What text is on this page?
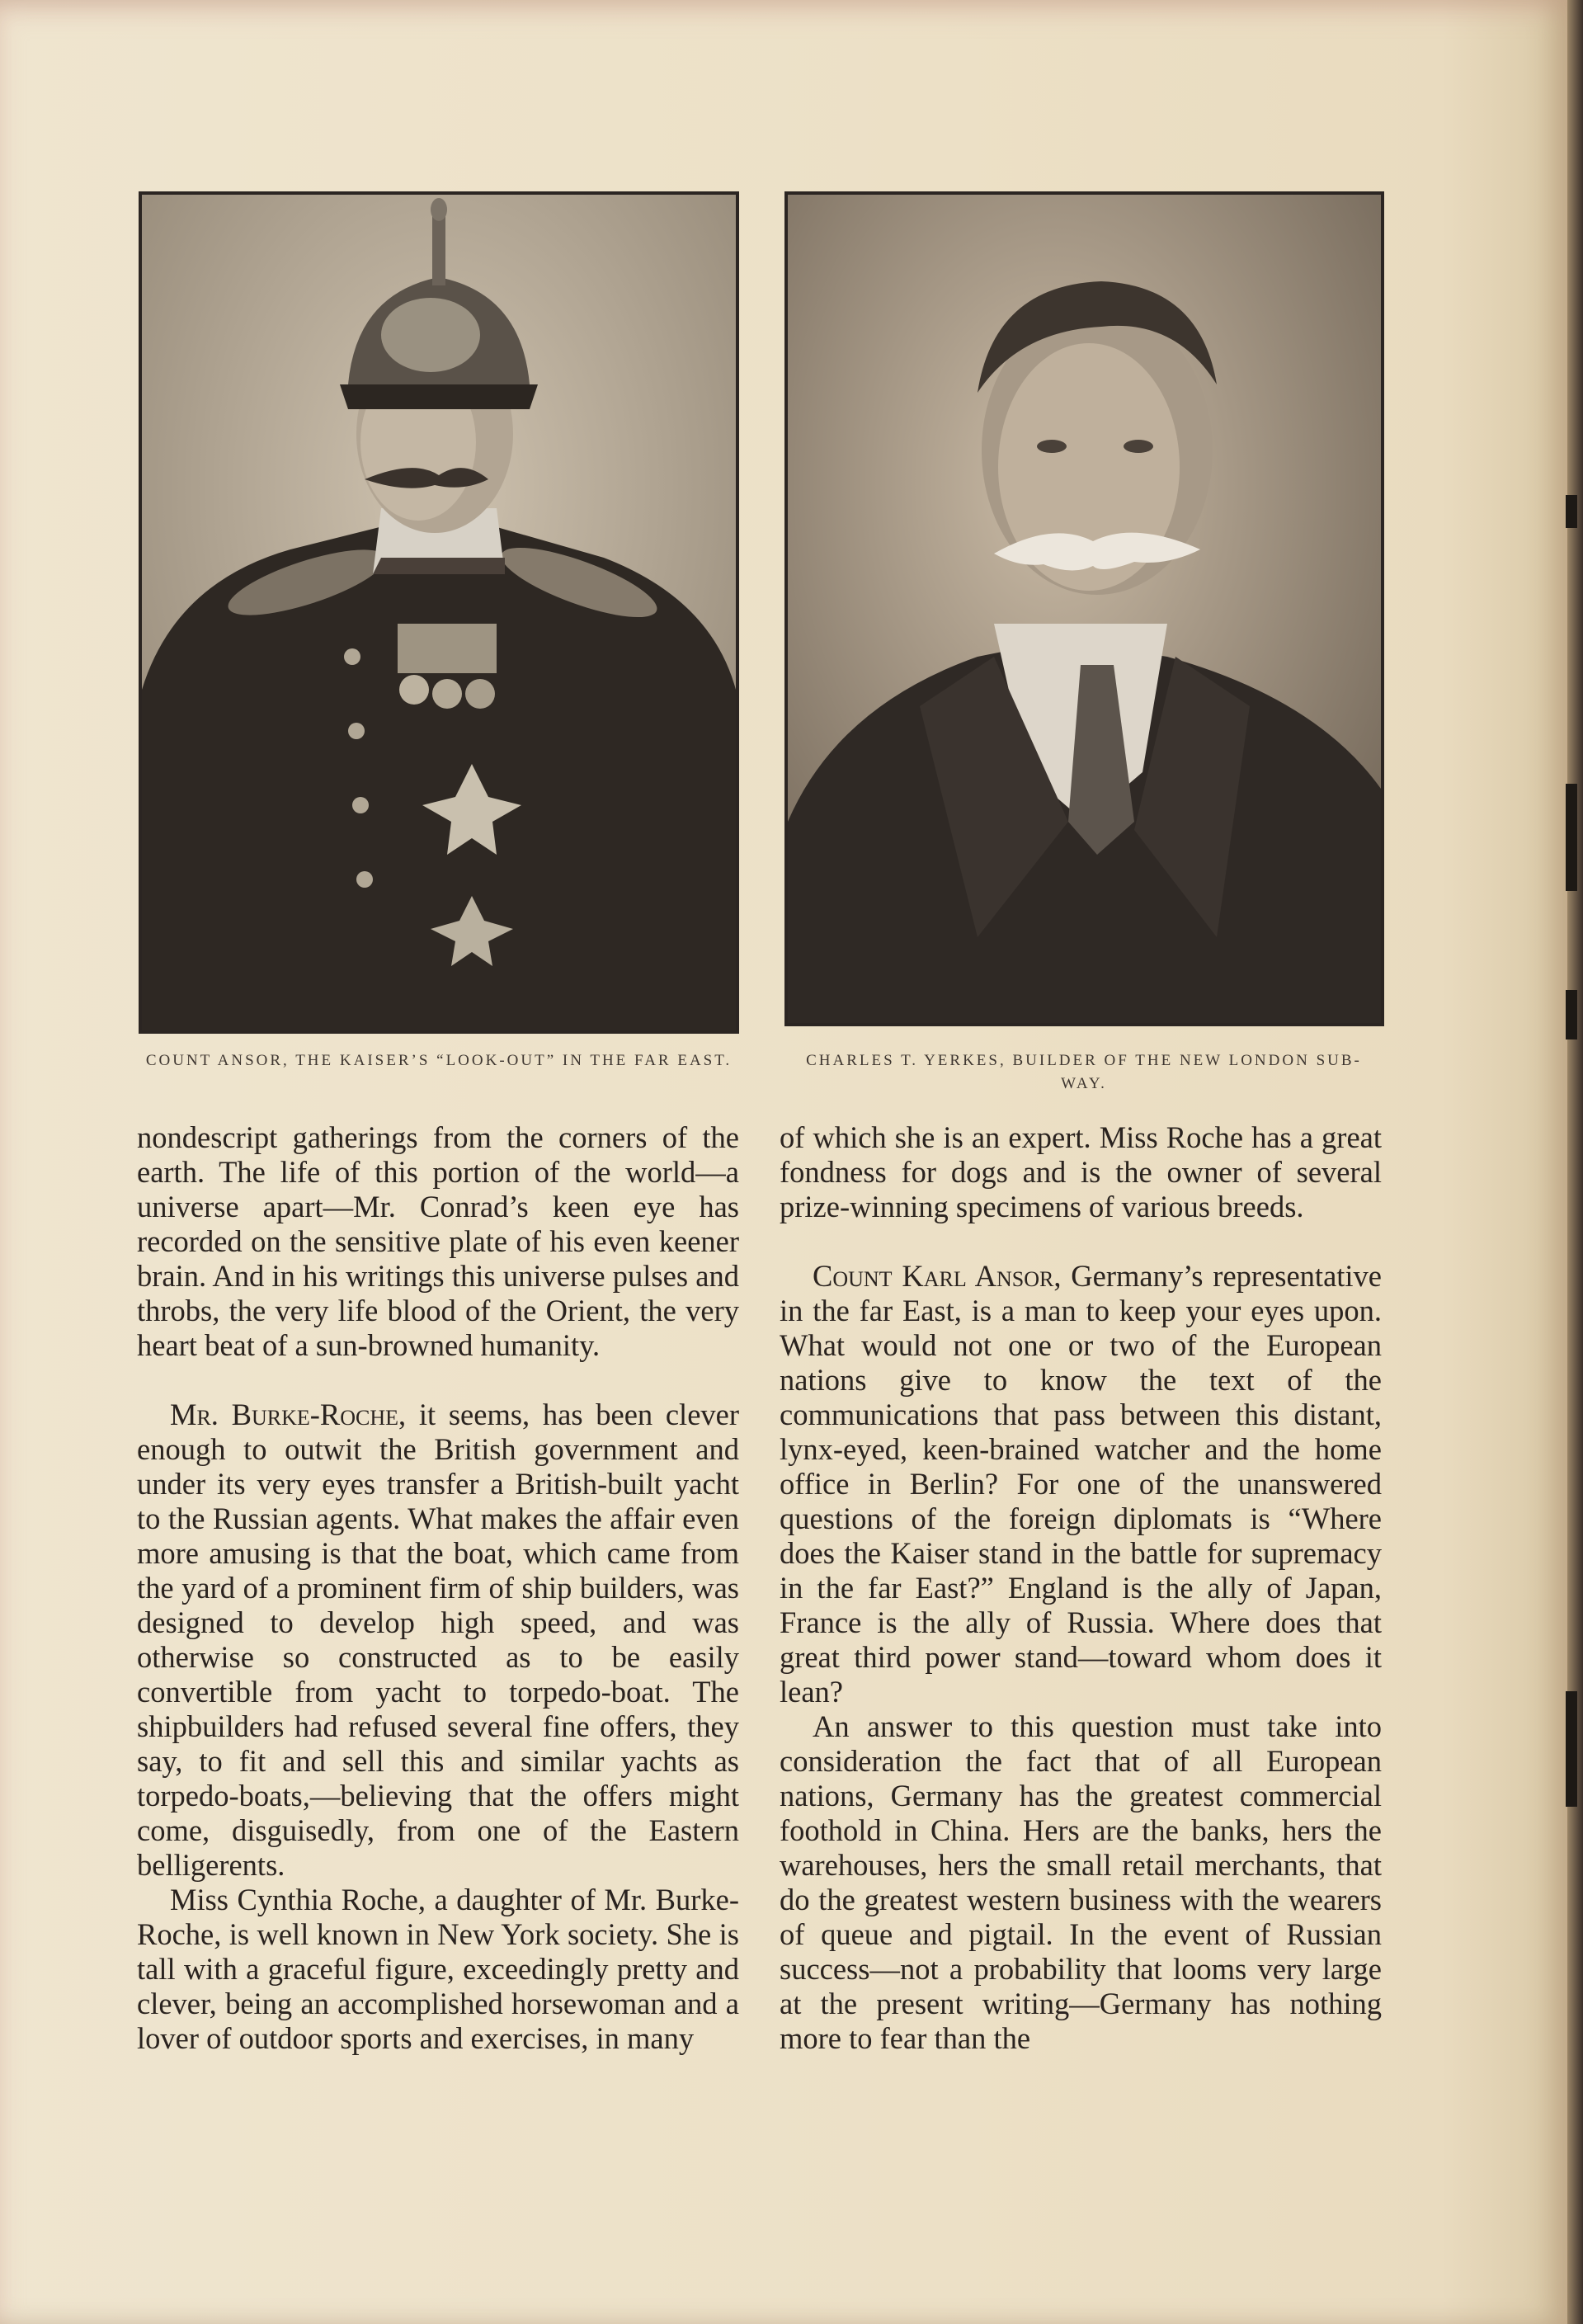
COUNT ANSOR, THE KAISER’S “LOOK-OUT” IN THE FAR EAST.	CHARLES T. YERKES, BUILDER OF THE NEW LONDON SUB- WAY.

nondescript gatherings from the corners of the earth. The life of this portion of the world—a universe apart—Mr. Conrad’s keen eye has recorded on the sensitive plate of his even keener brain. And in his writings this universe pulses and throbs, the very life blood of the Orient, the very heart beat of a sun-browned humanity.

Mr. Burke-Roche, it seems, has been clever enough to outwit the British government and under its very eyes transfer a British-built yacht to the Russian agents. What makes the affair even more amusing is that the boat, which came from the yard of a prominent firm of ship builders, was designed to develop high speed, and was otherwise so constructed as to be easily convertible from yacht to torpedo-boat. The shipbuilders had refused several fine offers, they say, to fit and sell this and similar yachts as torpedo-boats,—believing that the offers might come, disguisedly, from one of the Eastern belligerents.

Miss Cynthia Roche, a daughter of Mr. Burke-Roche, is well known in New York society. She is tall with a graceful figure, exceedingly pretty and clever, being an accomplished horsewoman and a lover of outdoor sports and exercises, in many

of which she is an expert. Miss Roche has a great fondness for dogs and is the owner of several prize-winning specimens of various breeds.

Count Karl Ansor, Germany’s representative in the far East, is a man to keep your eyes upon. What would not one or two of the European nations give to know the text of the communications that pass between this distant, lynx-eyed, keen-brained watcher and the home office in Berlin? For one of the unanswered questions of the foreign diplomats is “Where does the Kaiser stand in the battle for supremacy in the far East?” England is the ally of Japan, France is the ally of Russia. Where does that great third power stand—toward whom does it lean?

An answer to this question must take into consideration the fact that of all European nations, Germany has the greatest commercial foothold in China. Hers are the banks, hers the warehouses, hers the small retail merchants, that do the greatest western business with the wearers of queue and pigtail. In the event of Russian success—not a probability that looms very large at the present writing—Germany has nothing more to fear than the
